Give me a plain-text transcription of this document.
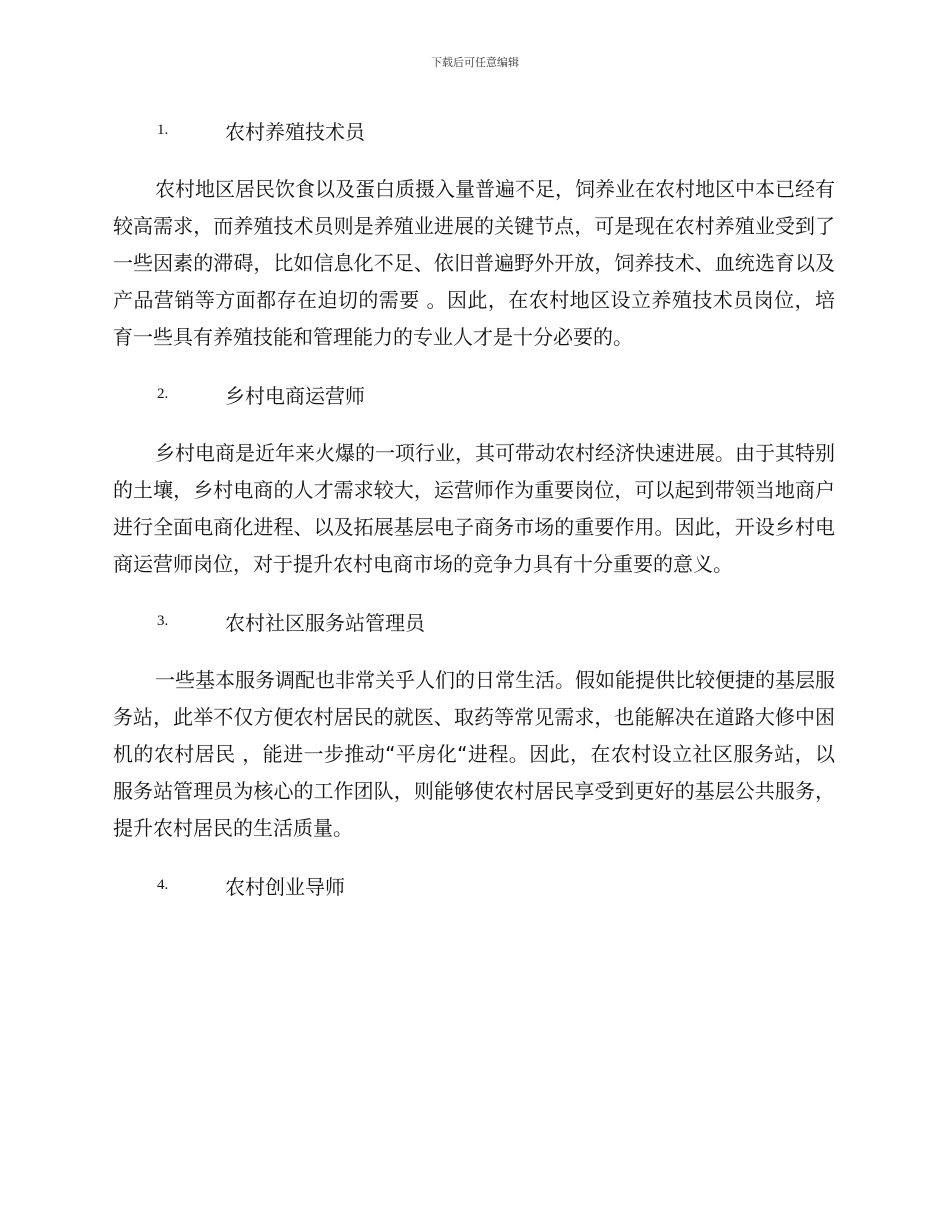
下载后可任意编辑
1.	农村养殖技术员

农村地区居民饮食以及蛋白质摄入量普遍不足，饲养业在农村地区中本已经有较高需求，而养殖技术员则是养殖业进展的关键节点，可是现在农村养殖业受到了一些因素的滞碍，比如信息化不足、依旧普遍野外开放，饲养技术、血统选育以及产品营销等方面都存在迫切的需要 。因此，在农村地区设立养殖技术员岗位，培育一些具有养殖技能和管理能力的专业人才是十分必要的。

2.	乡村电商运营师

乡村电商是近年来火爆的一项行业，其可带动农村经济快速进展。由于其特别的土壤，乡村电商的人才需求较大，运营师作为重要岗位，可以起到带领当地商户进行全面电商化进程、以及拓展基层电子商务市场的重要作用。因此，开设乡村电商运营师岗位，对于提升农村电商市场的竞争力具有十分重要的意义。

3.	农村社区服务站管理员

一些基本服务调配也非常关乎人们的日常生活。假如能提供比较便捷的基层服务站，此举不仅方便农村居民的就医、取药等常见需求，也能解决在道路大修中困机的农村居民 ，能进一步推动“平房化“进程。因此，在农村设立社区服务站，以服务站管理员为核心的工作团队，则能够使农村居民享受到更好的基层公共服务，提升农村居民的生活质量。

4.	农村创业导师
